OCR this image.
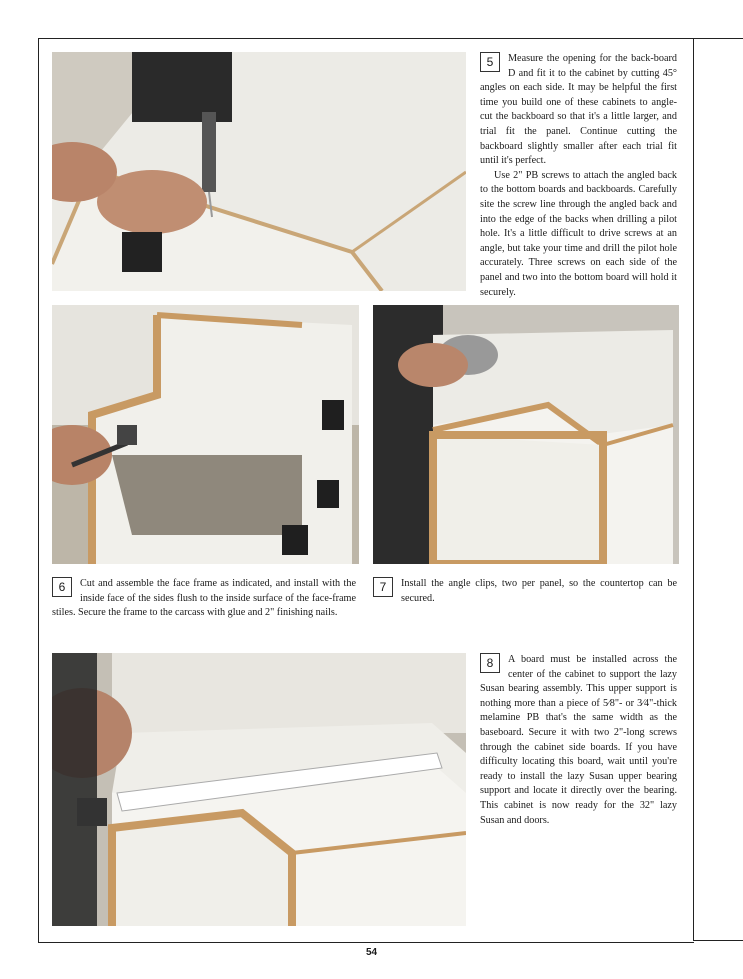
5	Measure the opening for the back-board D and fit it to the cabinet by cutting 45° angles on each side. It may be helpful the first time you build one of these cabinets to angle-cut the backboard so that it's a little larger, and trial fit the panel. Continue cutting the backboard slightly smaller after each trial fit until it's perfect.

Use 2" PB screws to attach the angled back to the bottom boards and backboards. Carefully site the screw line through the angled back and into the edge of the backs when drilling a pilot hole. It's a little difficult to drive screws at an angle, but take your time and drill the pilot hole accurately. Three screws on each side of the panel and two into the bottom board will hold it securely.

6	Cut and assemble the face frame as indicated, and install with the inside face of the sides flush to the inside surface of the face-frame stiles. Secure the frame to the carcass with glue and 2" finishing nails.

7	Install the angle clips, two per panel, so the countertop can be secured.

8	A board must be installed across the center of the cabinet to support the lazy Susan bearing assembly. This upper support is nothing more than a piece of 5⁄8"- or 3⁄4"-thick melamine PB that's the same width as the baseboard. Secure it with two 2"-long screws through the cabinet side boards. If you have difficulty locating this board, wait until you're ready to install the lazy Susan upper bearing support and locate it directly over the bearing. This cabinet is now ready for the 32" lazy Susan and doors.

54
